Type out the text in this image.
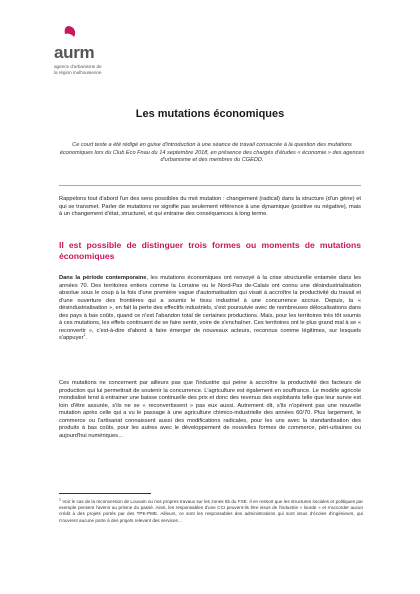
aurm
agence d'urbanisme de
la région mulhousienne
Les mutations économiques
Ce court texte a été rédigé en guise d'introduction à une séance de travail consacrée à la question des mutations économiques lors du Club Eco Fnau du 14 septembre 2018, en présence des chargés d'études « économie » des agences d'urbanisme et des membres du CGEDD.

Rappelons tout d'abord l'un des sens possibles du mot mutation : changement (radical) dans la structure (d'un gène) et qui se transmet. Parler de mutations ne signifie pas seulement référence à une dynamique (positive ou négative), mais à un changement d'état, structurel, et qui entraine des conséquences à long terme.

II est possible de distinguer trois formes ou moments de mutations économiques

Dans la période contemporaine, les mutations économiques ont renvoyé à la crise structurelle entamée dans les années 70. Des territoires entiers comme la Lorraine ou le Nord-Pas de-Calais ont connu une désindustrialisation absolue sous le coup à la fois d'une première vague d'automatisation qui visait à accroître la productivité du travail et d'une ouverture des frontières qui a soumis le tissu industriel à une concurrence accrue. Depuis, la « désindustrialisation », en fait la perte des effectifs industriels, s'est poursuivie avec de nombreuses délocalisations dans des pays à bas coûts, quand ce n'est l'abandon total de certaines productions. Mais, pour les territoires très tôt soumis à ces mutations, les effets continuent de se faire sentir, voire de s'enchaîner. Ces territoires ont le plus grand mal à se « reconvertir », c'est-à-dire d'abord à faire émerger de nouveaux acteurs, reconnus comme légitimes, sur lesquels s'appuyer$^1$.

Ces mutations ne concernent par ailleurs pas que l'industrie qui peine à accroître la productivité des facteurs de production qui lui permettrait de soutenir la concurrence. L'agriculture est également en souffrance. Le modèle agricole mondialisé tend à entrainer une baisse continuelle des prix et donc des revenus des exploitants telle que leur survie est loin d'être assurée, s'ils ne se « reconvertissent » pas eux aussi. Autrement dit, s'ils n'opèrent pas une nouvelle mutation après celle qui a vu le passage à une agriculture chimico-industrielle des années 60/70. Plus largement, le commerce ou l'artisanat connaissent aussi des modifications radicales, pour les uns avec la standardisation des produits à bas coûts, pour les autres avec le développement de nouvelles formes de commerce, péri-urbaines ou aujourd'hui numériques…

$^1$ Voir le cas de la reconversion de Louvain ou nos propres travaux sur les zones 5b du FSE. Il en ressort que les structures sociales et politiques par exemple pensent l'avenir au prisme du passé. Ainsi, les responsables d'une CCI peuvent-ils être issus de l'industrie « lourde » et n'accorder aucun crédit à des projets portés par des TPE-PME. Ailleurs, ce sont les responsables des administrations qui sont issus d'écoles d'ingénieurs, qui n'ouvrent aucune porte à des projets relevant des services…
